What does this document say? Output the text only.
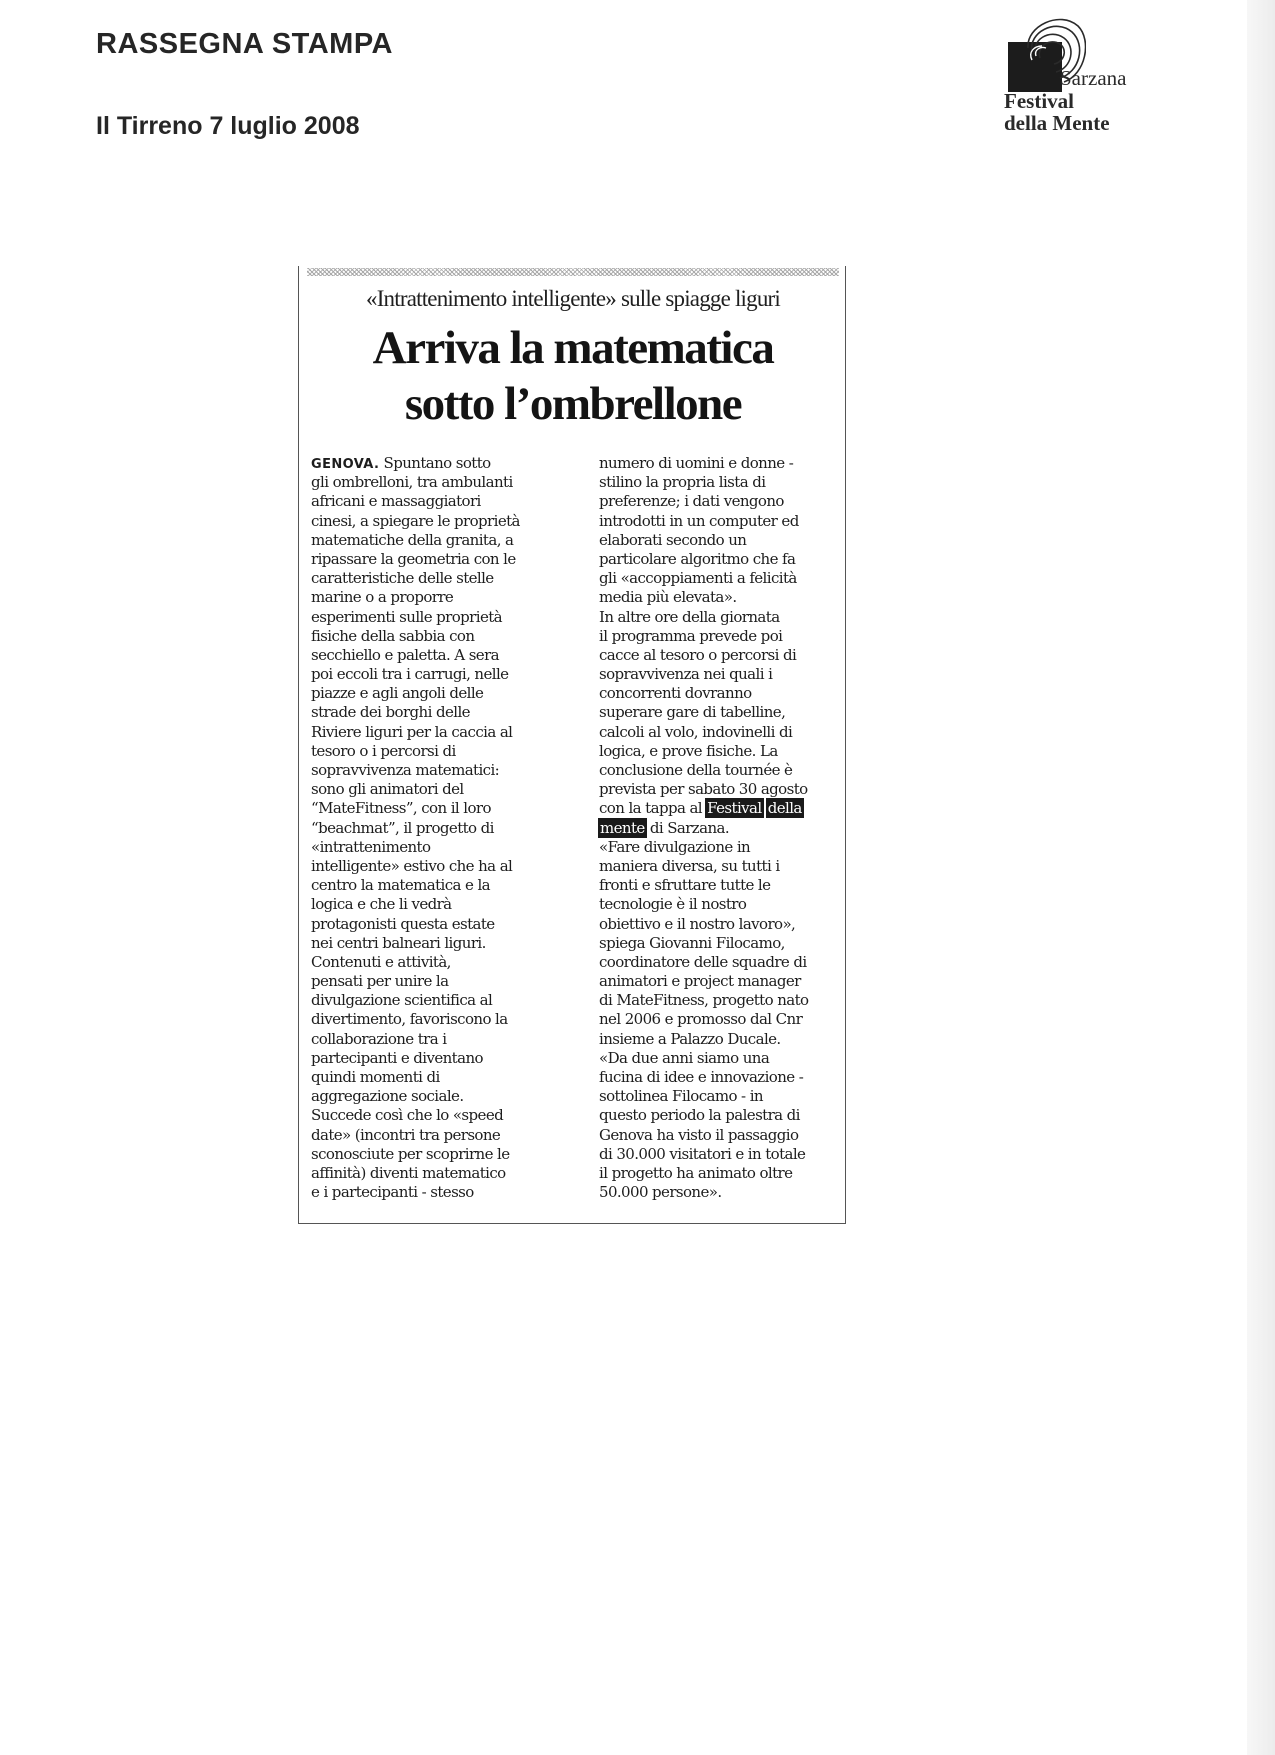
RASSEGNA STAMPA
Il Tirreno 7 luglio 2008
Sarzana
Festival
della Mente
«Intrattenimento intelligente» sulle spiagge liguri
Arriva la matematica
sotto l’ombrellone
GENOVA. Spuntano sotto
gli ombrelloni, tra ambulanti
africani e massaggiatori
cinesi, a spiegare le proprietà
matematiche della granita, a
ripassare la geometria con le
caratteristiche delle stelle
marine o a proporre
esperimenti sulle proprietà
fisiche della sabbia con
secchiello e paletta. A sera
poi eccoli tra i carrugi, nelle
piazze e agli angoli delle
strade dei borghi delle
Riviere liguri per la caccia al
tesoro o i percorsi di
sopravvivenza matematici:
sono gli animatori del
“MateFitness”, con il loro
“beachmat”, il progetto di
«intrattenimento
intelligente» estivo che ha al
centro la matematica e la
logica e che li vedrà
protagonisti questa estate
nei centri balneari liguri.
Contenuti e attività,
pensati per unire la
divulgazione scientifica al
divertimento, favoriscono la
collaborazione tra i
partecipanti e diventano
quindi momenti di
aggregazione sociale.
Succede così che lo «speed
date» (incontri tra persone
sconosciute per scoprirne le
affinità) diventi matematico
e i partecipanti - stesso
numero di uomini e donne -
stilino la propria lista di
preferenze; i dati vengono
introdotti in un computer ed
elaborati secondo un
particolare algoritmo che fa
gli «accoppiamenti a felicità
media più elevata».
In altre ore della giornata
il programma prevede poi
cacce al tesoro o percorsi di
sopravvivenza nei quali i
concorrenti dovranno
superare gare di tabelline,
calcoli al volo, indovinelli di
logica, e prove fisiche. La
conclusione della tournée è
prevista per sabato 30 agosto
con la tappa al Festival della
mente di Sarzana.
«Fare divulgazione in
maniera diversa, su tutti i
fronti e sfruttare tutte le
tecnologie è il nostro
obiettivo e il nostro lavoro»,
spiega Giovanni Filocamo,
coordinatore delle squadre di
animatori e project manager
di MateFitness, progetto nato
nel 2006 e promosso dal Cnr
insieme a Palazzo Ducale.
«Da due anni siamo una
fucina di idee e innovazione -
sottolinea Filocamo - in
questo periodo la palestra di
Genova ha visto il passaggio
di 30.000 visitatori e in totale
il progetto ha animato oltre
50.000 persone».
